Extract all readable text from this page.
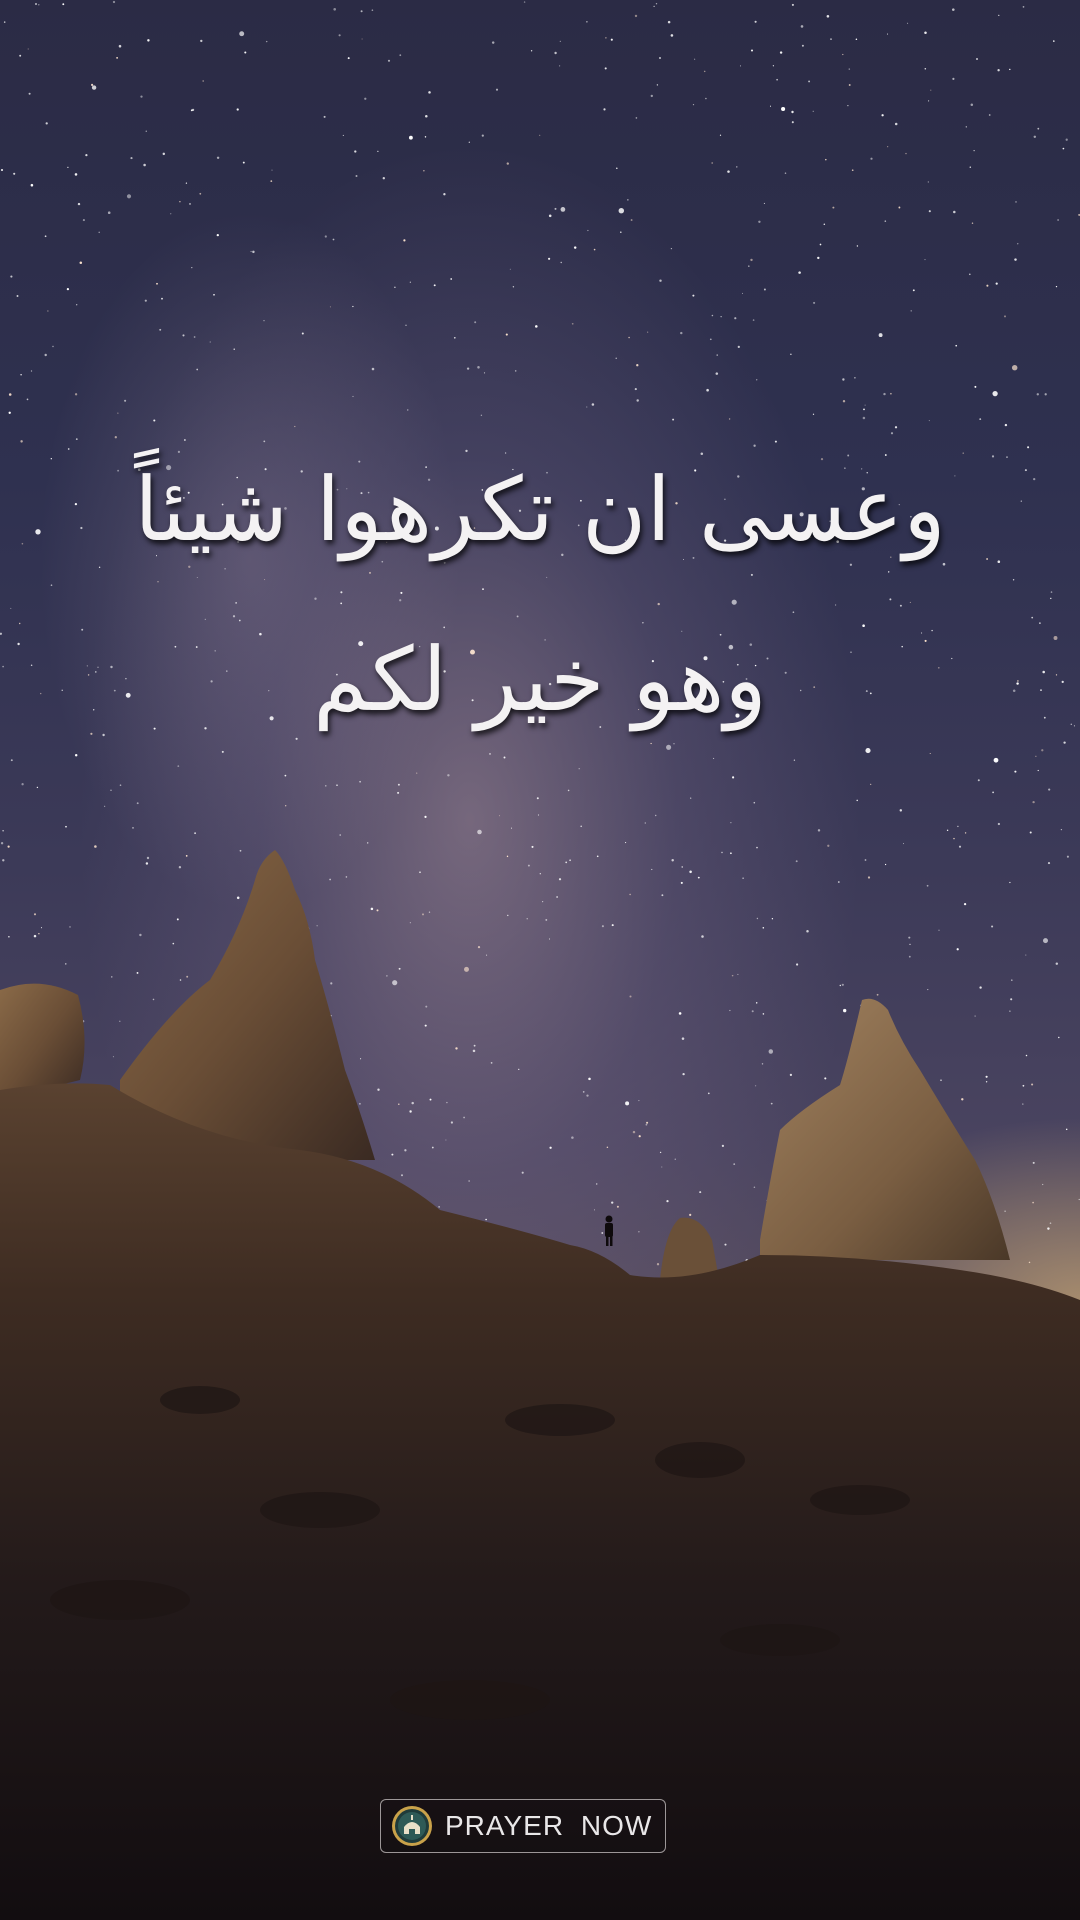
وعسى ان تكرهوا شيئاً
وهو خير لكم
PRAYER NOW
